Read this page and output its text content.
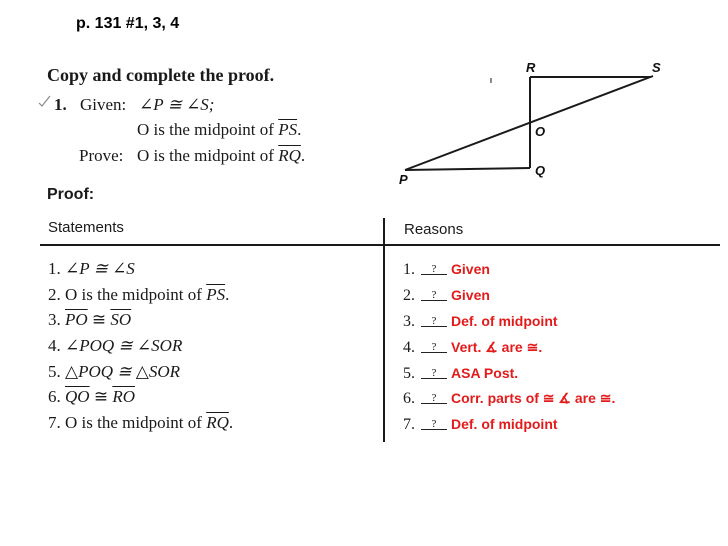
p. 131 #1, 3, 4
Copy and complete the proof.
1. Given: ∠P ≅ ∠S;
O is the midpoint of $\overline{PS}$.
Prove: O is the midpoint of $\overline{RQ}$.
R	S
O
Q
P
Proof:
Statements	Reasons
1. ∠P ≅ ∠S
2. O is the midpoint of $\overline{PS}$.
3. $\overline{PO}$ ≅ $\overline{SO}$
4. ∠POQ ≅ ∠SOR
5. △POQ ≅ △SOR
6. $\overline{QO}$ ≅ $\overline{RO}$
7. O is the midpoint of $\overline{RQ}$.
1. ? Given
2. ? Given
3. ? Def. of midpoint
4. ? Vert. ∡ are ≅.
5. ? ASA Post.
6. ? Corr. parts of ≅ ∡ are ≅.
7. ? Def. of midpoint
